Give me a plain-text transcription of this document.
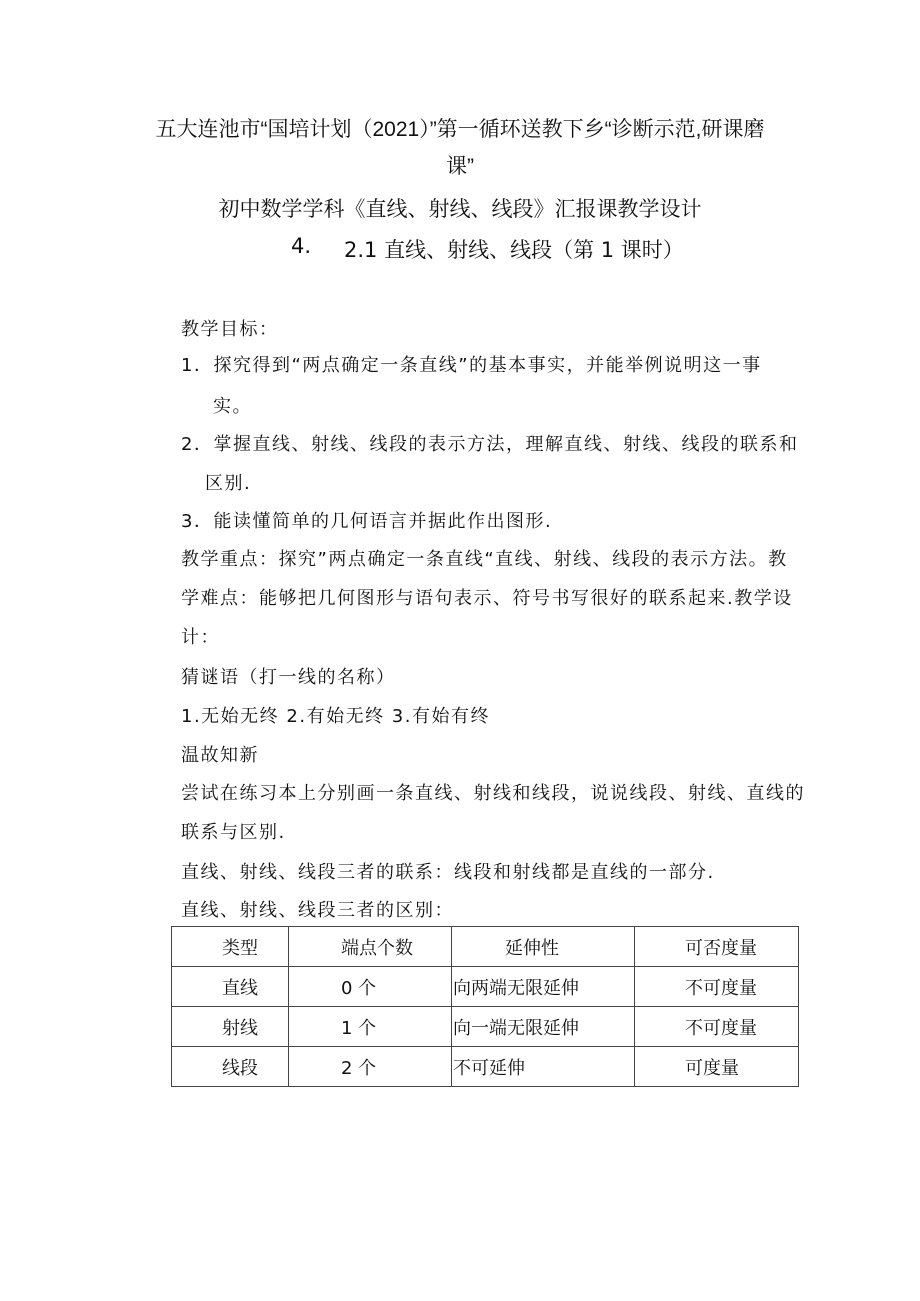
五大连池市“国培计划（2021）”第一循环送教下乡“诊断示范,研课磨
课”
初中数学学科《直线、射线、线段》汇报课教学设计
4. 2.1 直线、射线、线段（第 1 课时）
教学目标：
1．探究得到“两点确定一条直线”的基本事实，并能举例说明这一事
实。
2．掌握直线、射线、线段的表示方法，理解直线、射线、线段的联系和
区别.
3．能读懂简单的几何语言并据此作出图形.
教学重点：探究”两点确定一条直线“直线、射线、线段的表示方法。教
学难点：能够把几何图形与语句表示、符号书写很好的联系起来.教学设
计：
猜谜语（打一线的名称）
1.无始无终 2.有始无终 3.有始有终
温故知新
尝试在练习本上分别画一条直线、射线和线段，说说线段、射线、直线的
联系与区别.
直线、射线、线段三者的联系：线段和射线都是直线的一部分.
直线、射线、线段三者的区别：
类型	端点个数	延伸性	可否度量
直线	0 个	向两端无限延伸	不可度量
射线	1 个	向一端无限延伸	不可度量
线段	2 个	不可延伸	可度量
